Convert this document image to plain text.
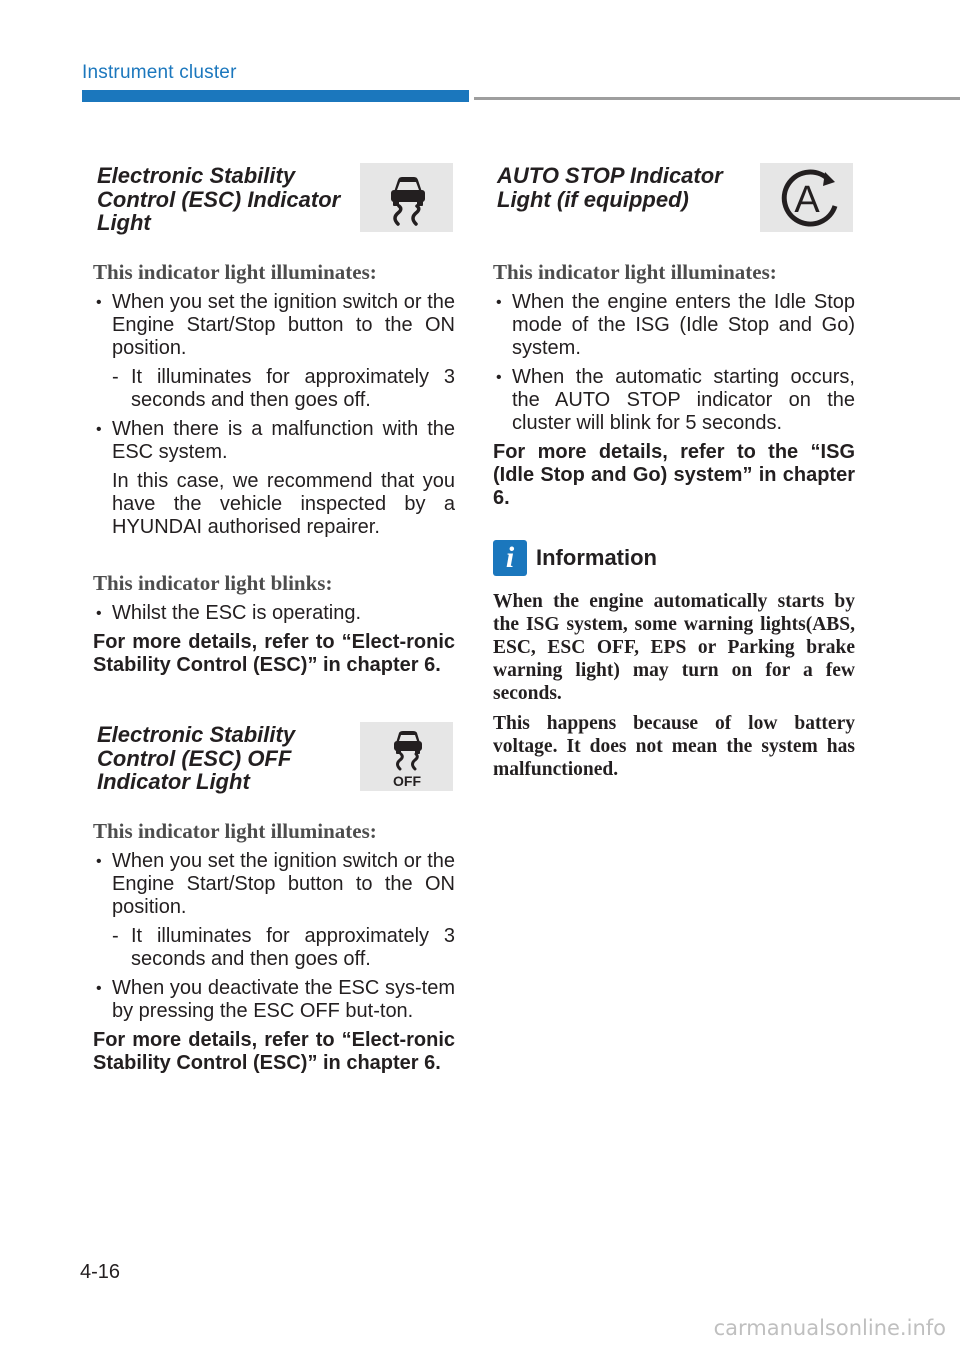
Instrument cluster
Electronic Stability Control (ESC) Indicator Light
This indicator light illuminates:
• When you set the ignition switch or the Engine Start/Stop button to the ON position.
- It illuminates for approximately 3 seconds and then goes off.
• When there is a malfunction with the ESC system.
In this case, we recommend that you have the vehicle inspected by a HYUNDAI authorised repairer.
This indicator light blinks:
• Whilst the ESC is operating.

For more details, refer to “Elect-ronic Stability Control (ESC)” in chapter 6.

Electronic Stability Control (ESC) OFF Indicator Light	OFF
This indicator light illuminates:
• When you set the ignition switch or the Engine Start/Stop button to the ON position.
- It illuminates for approximately 3 seconds and then goes off.
• When you deactivate the ESC sys-tem by pressing the ESC OFF but-ton.

For more details, refer to “Elect-ronic Stability Control (ESC)” in chapter 6.

AUTO STOP Indicator Light (if equipped)	A
This indicator light illuminates:
• When the engine enters the Idle Stop mode of the ISG (Idle Stop and Go) system.
• When the automatic starting occurs, the AUTO STOP indicator on the cluster will blink for 5 seconds.

For more details, refer to the “ISG (Idle Stop and Go) system” in chapter 6.

i Information

When the engine automatically starts by the ISG system, some warning lights(ABS, ESC, ESC OFF, EPS or Parking brake warning light) may turn on for a few seconds.

This happens because of low battery voltage. It does not mean the system has malfunctioned.

4-16
carmanualsonline.info
